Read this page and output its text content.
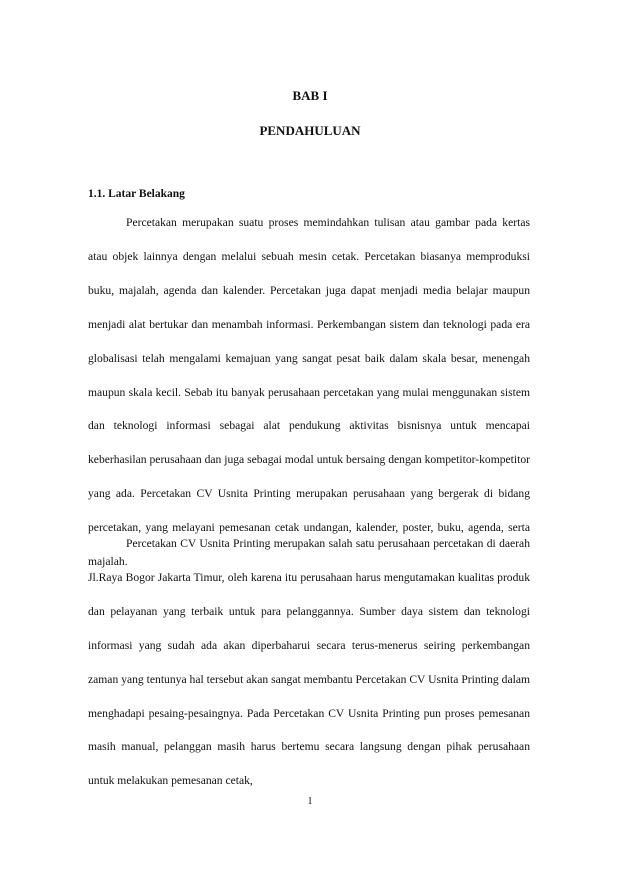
BAB I
PENDAHULUAN
1.1. Latar Belakang

Percetakan merupakan suatu proses memindahkan tulisan atau gambar pada kertas atau objek lainnya dengan melalui sebuah mesin cetak. Percetakan biasanya memproduksi buku, majalah, agenda dan kalender. Percetakan juga dapat menjadi media belajar maupun menjadi alat bertukar dan menambah informasi. Perkembangan sistem dan teknologi pada era globalisasi telah mengalami kemajuan yang sangat pesat baik dalam skala besar, menengah maupun skala kecil. Sebab itu banyak perusahaan percetakan yang mulai menggunakan sistem dan teknologi informasi sebagai alat pendukung aktivitas bisnisnya untuk mencapai keberhasilan perusahaan dan juga sebagai modal untuk bersaing dengan kompetitor-kompetitor yang ada. Percetakan CV Usnita Printing merupakan perusahaan yang bergerak di bidang percetakan, yang melayani pemesanan cetak undangan, kalender, poster, buku, agenda, serta majalah.

Percetakan CV Usnita Printing merupakan salah satu perusahaan percetakan di daerah Jl.Raya Bogor Jakarta Timur, oleh karena itu perusahaan harus mengutamakan kualitas produk dan pelayanan yang terbaik untuk para pelanggannya. Sumber daya sistem dan teknologi informasi yang sudah ada akan diperbaharui secara terus-menerus seiring perkembangan zaman yang tentunya hal tersebut akan sangat membantu Percetakan CV Usnita Printing dalam menghadapi pesaing-pesaingnya. Pada Percetakan CV Usnita Printing pun proses pemesanan masih manual, pelanggan masih harus bertemu secara langsung dengan pihak perusahaan untuk melakukan pemesanan cetak,

1
